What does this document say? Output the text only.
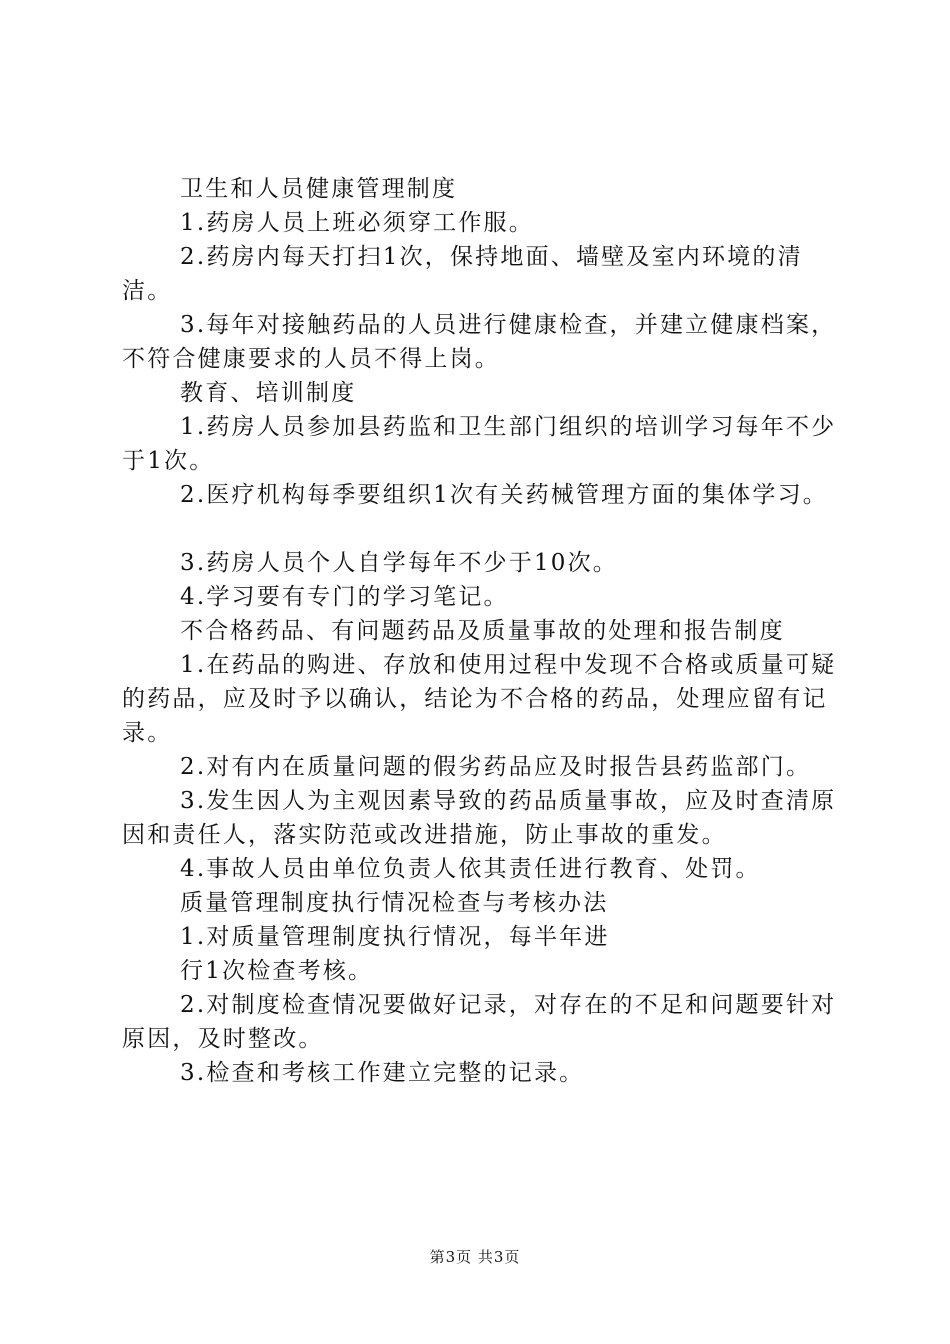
卫生和人员健康管理制度

1.药房人员上班必须穿工作服。

2.药房内每天打扫1次，保持地面、墙壁及室内环境的清洁。

3.每年对接触药品的人员进行健康检查，并建立健康档案，不符合健康要求的人员不得上岗。

教育、培训制度

1.药房人员参加县药监和卫生部门组织的培训学习每年不少于1次。

2.医疗机构每季要组织1次有关药械管理方面的集体学习。

3.药房人员个人自学每年不少于10次。

4.学习要有专门的学习笔记。

不合格药品、有问题药品及质量事故的处理和报告制度

1.在药品的购进、存放和使用过程中发现不合格或质量可疑的药品，应及时予以确认，结论为不合格的药品，处理应留有记录。

2.对有内在质量问题的假劣药品应及时报告县药监部门。

3.发生因人为主观因素导致的药品质量事故，应及时查清原因和责任人，落实防范或改进措施，防止事故的重发。

4.事故人员由单位负责人依其责任进行教育、处罚。

质量管理制度执行情况检查与考核办法

1.对质量管理制度执行情况，每半年进

行1次检查考核。

2.对制度检查情况要做好记录，对存在的不足和问题要针对原因，及时整改。

3.检查和考核工作建立完整的记录。

第3页 共3页
